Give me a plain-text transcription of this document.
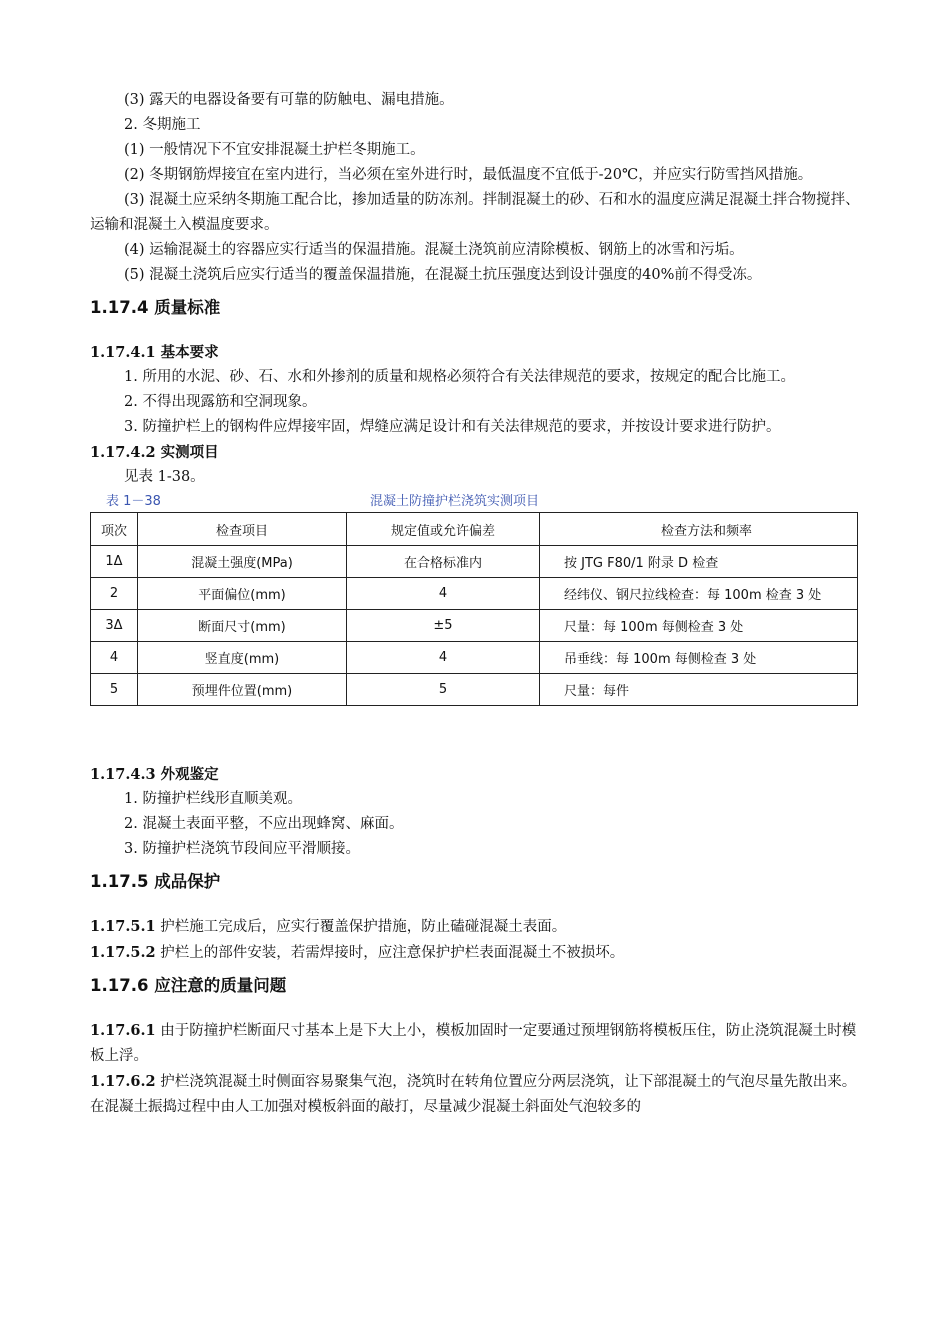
(3) 露天的电器设备要有可靠的防触电、漏电措施。

2. 冬期施工

(1) 一般情况下不宜安排混凝土护栏冬期施工。

(2) 冬期钢筋焊接宜在室内进行，当必须在室外进行时，最低温度不宜低于-20℃，并应实行防雪挡风措施。

(3) 混凝土应采纳冬期施工配合比，掺加适量的防冻剂。拌制混凝土的砂、石和水的温度应满足混凝土拌合物搅拌、运输和混凝土入模温度要求。

(4) 运输混凝土的容器应实行适当的保温措施。混凝土浇筑前应清除模板、钢筋上的冰雪和污垢。

(5) 混凝土浇筑后应实行适当的覆盖保温措施，在混凝土抗压强度达到设计强度的40%前不得受冻。

1.17.4 质量标准

1.17.4.1 基本要求

1. 所用的水泥、砂、石、水和外掺剂的质量和规格必须符合有关法律规范的要求，按规定的配合比施工。

2. 不得出现露筋和空洞现象。

3. 防撞护栏上的钢构件应焊接牢固，焊缝应满足设计和有关法律规范的要求，并按设计要求进行防护。

1.17.4.2 实测项目

见表 1-38。

表 1－38	混凝土防撞护栏浇筑实测项目
项次	检查项目	规定值或允许偏差	检查方法和频率
1Δ	混凝土强度(MPa)	在合格标准内	按 JTG F80/1 附录 D 检查
2	平面偏位(mm)	4	经纬仪、钢尺拉线检查：每 100m 检查 3 处
3Δ	断面尺寸(mm)	±5	尺量：每 100m 每侧检查 3 处
4	竖直度(mm)	4	吊垂线：每 100m 每侧检查 3 处
5	预埋件位置(mm)	5	尺量：每件

1.17.4.3 外观鉴定

1. 防撞护栏线形直顺美观。

2. 混凝土表面平整，不应出现蜂窝、麻面。

3. 防撞护栏浇筑节段间应平滑顺接。

1.17.5 成品保护

1.17.5.1 护栏施工完成后，应实行覆盖保护措施，防止磕碰混凝土表面。

1.17.5.2 护栏上的部件安装，若需焊接时，应注意保护护栏表面混凝土不被损坏。

1.17.6 应注意的质量问题

1.17.6.1 由于防撞护栏断面尺寸基本上是下大上小，模板加固时一定要通过预埋钢筋将模板压住，防止浇筑混凝土时模板上浮。

1.17.6.2 护栏浇筑混凝土时侧面容易聚集气泡，浇筑时在转角位置应分两层浇筑，让下部混凝土的气泡尽量先散出来。在混凝土振捣过程中由人工加强对模板斜面的敲打，尽量减少混凝土斜面处气泡较多的
